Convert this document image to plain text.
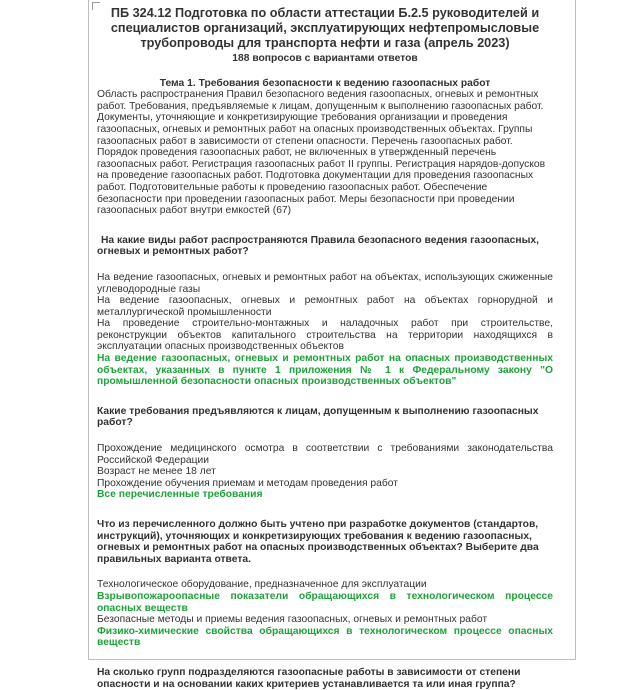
ПБ 324.12 Подготовка по области аттестации Б.2.5 руководителей и специалистов организаций, эксплуатирующих нефтепромысловые трубопроводы для транспорта нефти и газа (апрель 2023)

188 вопросов с вариантами ответов

Тема 1. Требования безопасности к ведению газоопасных работ

Область распространения Правил безопасного ведения газоопасных, огневых и ремонтных работ. Требования, предъявляемые к лицам, допущенным к выполнению газоопасных работ. Документы, уточняющие и конкретизирующие требования организации и проведения газоопасных, огневых и ремонтных работ на опасных производственных объектах. Группы газоопасных работ в зависимости от степени опасности. Перечень газоопасных работ. Порядок проведения газоопасных работ, не включенных в утвержденный перечень газоопасных работ. Регистрация газоопасных работ II группы. Регистрация нарядов-допусков на проведение газоопасных работ. Подготовка документации для проведения газоопасных работ. Подготовительные работы к проведению газоопасных работ. Обеспечение безопасности при проведении газоопасных работ. Меры безопасности при проведении газоопасных работ внутри емкостей (67)

На какие виды работ распространяются Правила безопасного ведения газоопасных, огневых и ремонтных работ?

На ведение газоопасных, огневых и ремонтных работ на объектах, использующих сжиженные углеводородные газы

На ведение газоопасных, огневых и ремонтных работ на объектах горнорудной и металлургической промышленности

На проведение строительно-монтажных и наладочных работ при строительстве, реконструкции объектов капитального строительства на территории находящихся в эксплуатации опасных производственных объектов

На ведение газоопасных, огневых и ремонтных работ на опасных производственных объектах, указанных в пункте 1 приложения № 1 к Федеральному закону "О промышленной безопасности опасных производственных объектов"

Какие требования предъявляются к лицам, допущенным к выполнению газоопасных работ?

Прохождение медицинского осмотра в соответствии с требованиями законодательства Российской Федерации

Возраст не менее 18 лет

Прохождение обучения приемам и методам проведения работ

Все перечисленные требования

Что из перечисленного должно быть учтено при разработке документов (стандартов, инструкций), уточняющих и конкретизирующих требования к ведению газоопасных, огневых и ремонтных работ на опасных производственных объектах? Выберите два правильных варианта ответа.

Технологическое оборудование, предназначенное для эксплуатации

Взрывопожароопасные показатели обращающихся в технологическом процессе опасных веществ

Безопасные методы и приемы ведения газоопасных, огневых и ремонтных работ

Физико-химические свойства обращающихся в технологическом процессе опасных веществ

На сколько групп подразделяются газоопасные работы в зависимости от степени опасности и на основании каких критериев устанавливается та или иная группа?
